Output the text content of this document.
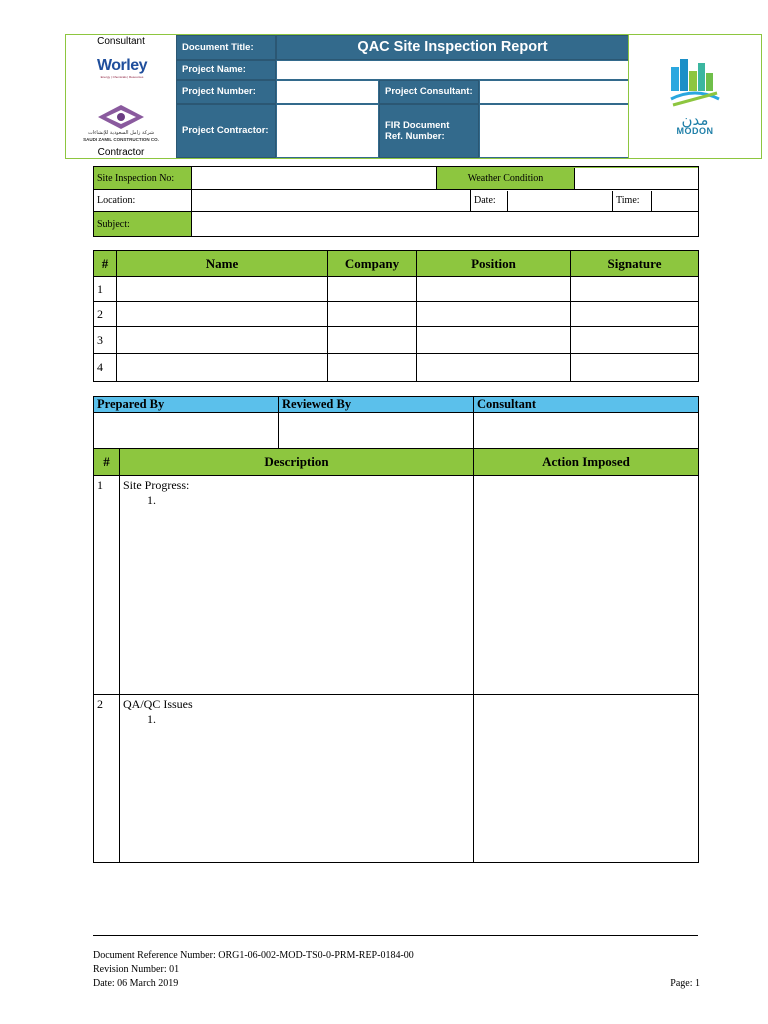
Consultant
Worley
Energy | Chemicals | Resources
شركة زامل السعودية للإنشاءات
SAUDI ZAMIL CONSTRUCTION CO.
Contractor
Document Title:	QAC Site Inspection Report
Project Name:
Project Number:	Project Consultant:
Project Contractor:	FIR Document Ref. Number:
مدن
MODON
Site Inspection No:		Weather Condition	

Location:			Date: Time:

Subject:			
#	Name	Company	Position	Signature
1				
2				
3				
4				
Prepared By	Reviewed By	Consultant

#	Description	Action Imposed
1	Site Progress:
1.	

2	QA/QC Issues
1.	

Document Reference Number: ORG1-06-002-MOD-TS0-0-PRM-REP-0184-00
Revision Number: 01
Date: 06 March 2019	Page: 1
